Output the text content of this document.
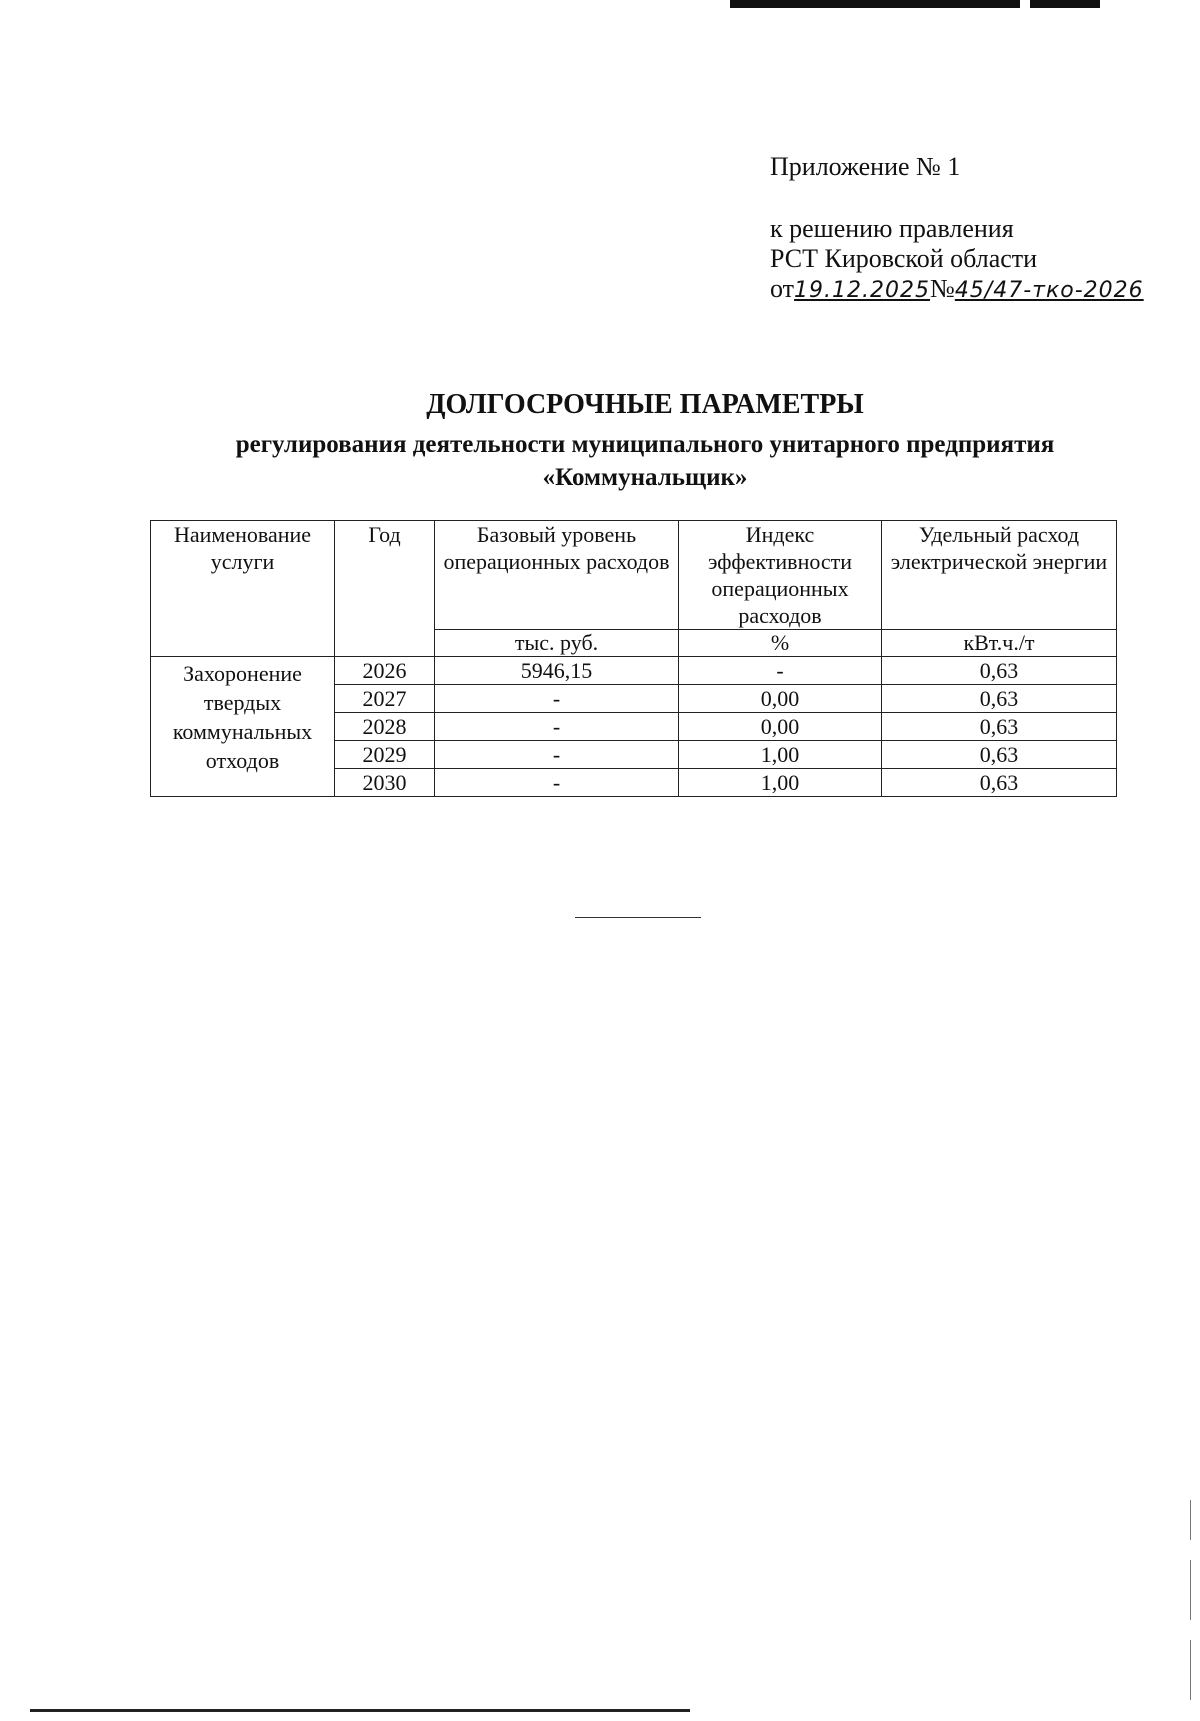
Приложение № 1
к решению правления
РСТ Кировской области
от19.12.2025№45/47-тко-2026
ДОЛГОСРОЧНЫЕ ПАРАМЕТРЫ
регулирования деятельности муниципального унитарного предприятия
«Коммунальщик»
Наименование услуги	Год	Базовый уровень операционных расходов	Индекс эффективности операционных расходов	Удельный расход электрической энергии
		тыс. руб.	%	кВт.ч./т
Захоронение твердых коммунальных отходов	2026	5946,15	-	0,63
	2027	-	0,00	0,63
	2028	-	0,00	0,63
	2029	-	1,00	0,63
	2030	-	1,00	0,63
